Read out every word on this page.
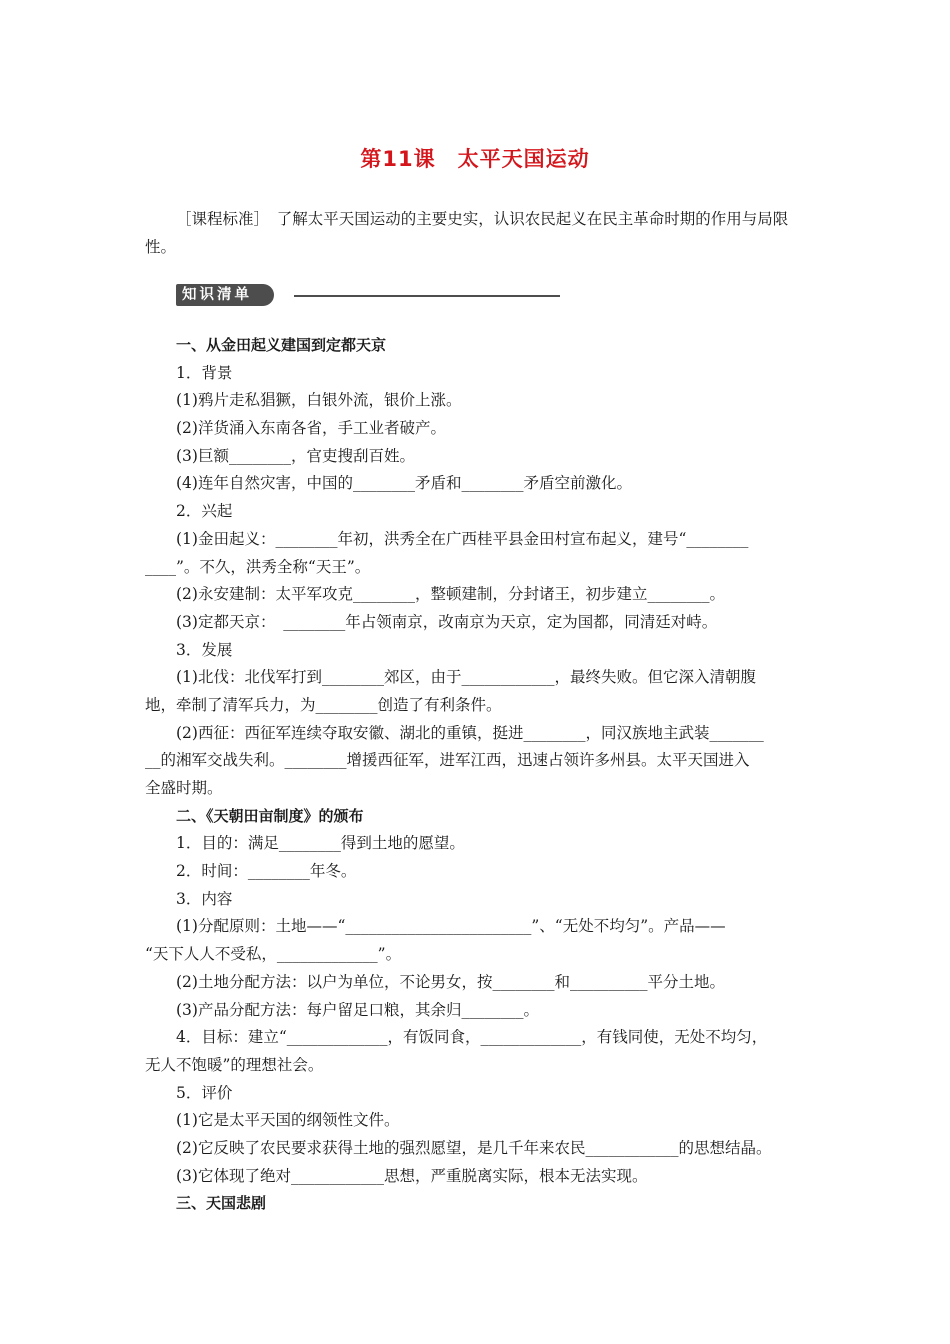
第11课　太平天国运动
［课程标准］　了解太平天国运动的主要史实，认识农民起义在民主革命时期的作用与局限性。
知识清单
一、从金田起义建国到定都天京
1．背景
(1)鸦片走私猖獗，白银外流，银价上涨。
(2)洋货涌入东南各省，手工业者破产。
(3)巨额________，官吏搜刮百姓。
(4)连年自然灾害，中国的________矛盾和________矛盾空前激化。
2．兴起
(1)金田起义：________年初，洪秀全在广西桂平县金田村宣布起义，建号“________
____”。不久，洪秀全称“天王”。
(2)永安建制：太平军攻克________，整顿建制，分封诸王，初步建立________。
(3)定都天京：　________年占领南京，改南京为天京，定为国都，同清廷对峙。
3．发展
(1)北伐：北伐军打到________郊区，由于____________，最终失败。但它深入清朝腹
地，牵制了清军兵力，为________创造了有利条件。
(2)西征：西征军连续夺取安徽、湖北的重镇，挺进________，同汉族地主武装_______
__的湘军交战失利。________增援西征军，进军江西，迅速占领许多州县。太平天国进入
全盛时期。
二、《天朝田亩制度》的颁布
1．目的：满足________得到土地的愿望。
2．时间：________年冬。
3．内容
(1)分配原则：土地——“________________________”、“无处不均匀”。产品——
“天下人人不受私，_____________”。
(2)土地分配方法：以户为单位，不论男女，按________和__________平分土地。
(3)产品分配方法：每户留足口粮，其余归________。
4．目标：建立“_____________，有饭同食，_____________，有钱同使，无处不均匀，
无人不饱暖”的理想社会。
5．评价
(1)它是太平天国的纲领性文件。
(2)它反映了农民要求获得土地的强烈愿望，是几千年来农民____________的思想结晶。
(3)它体现了绝对____________思想，严重脱离实际，根本无法实现。
三、天国悲剧
